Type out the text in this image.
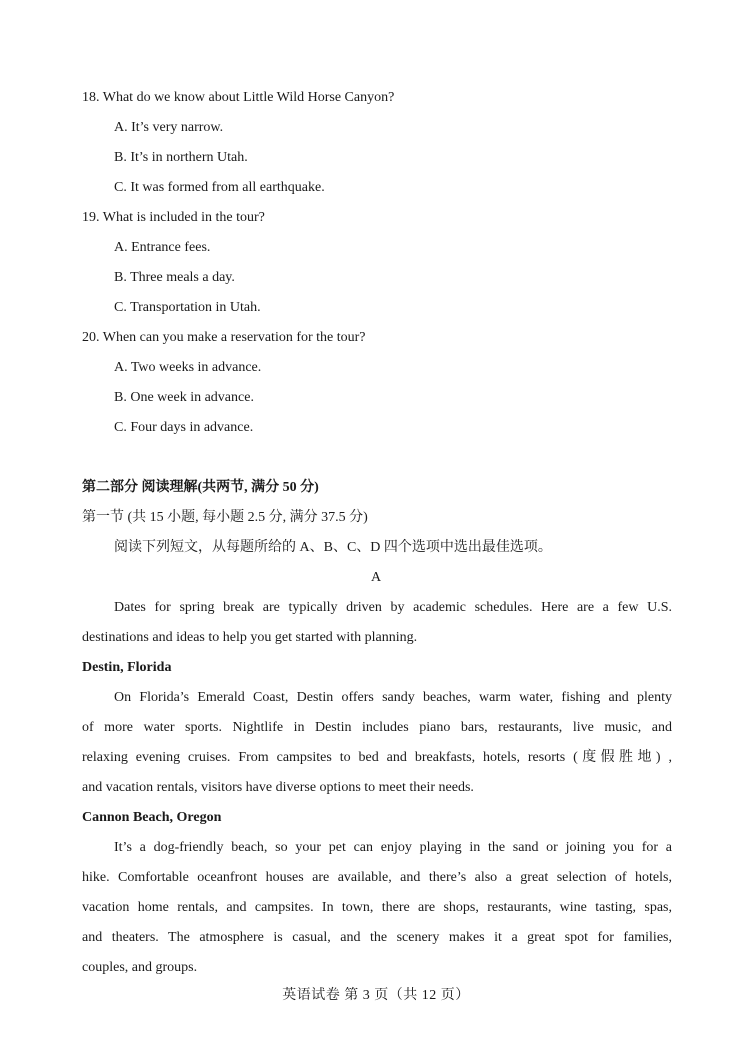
18. What do we know about Little Wild Horse Canyon?
A. It’s very narrow.
B. It’s in northern Utah.
C. It was formed from all earthquake.
19. What is included in the tour?
A. Entrance fees.
B. Three meals a day.
C. Transportation in Utah.
20. When can you make a reservation for the tour?
A. Two weeks in advance.
B. One week in advance.
C. Four days in advance.
第二部分 阅读理解(共两节, 满分 50 分)
第一节 (共 15 小题, 每小题 2.5 分, 满分 37.5 分)
阅读下列短文，从每题所给的 A、B、C、D 四个选项中选出最佳选项。
A
Dates for spring break are typically driven by academic schedules. Here are a few U.S.
destinations and ideas to help you get started with planning.
Destin, Florida
On Florida’s Emerald Coast, Destin offers sandy beaches, warm water, fishing and plenty
of more water sports. Nightlife in Destin includes piano bars, restaurants, live music, and
relaxing evening cruises. From campsites to bed and breakfasts, hotels, resorts (度假胜地) ,
and vacation rentals, visitors have diverse options to meet their needs.
Cannon Beach, Oregon
It’s a dog-friendly beach, so your pet can enjoy playing in the sand or joining you for a
hike. Comfortable oceanfront houses are available, and there’s also a great selection of hotels,
vacation home rentals, and campsites. In town, there are shops, restaurants, wine tasting, spas,
and theaters. The atmosphere is casual, and the scenery makes it a great spot for families,
couples, and groups.
英语试卷 第 3 页（共 12 页）
